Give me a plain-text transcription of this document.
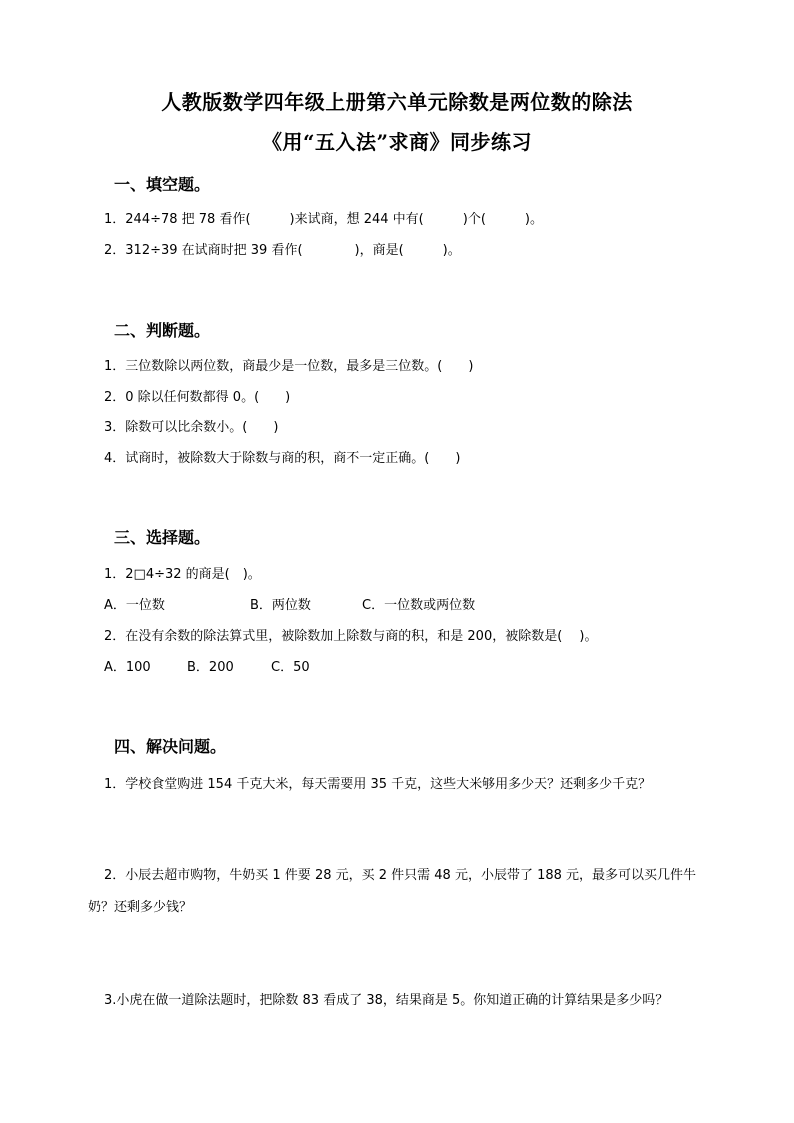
人教版数学四年级上册第六单元除数是两位数的除法
《用“五入法”求商》同步练习
一、填空题。
1．244÷78 把 78 看作(　　　)来试商，想 244 中有(　　　)个(　　　)。
2．312÷39 在试商时把 39 看作(　　　　)，商是(　　　)。
二、判断题。
1．三位数除以两位数，商最少是一位数，最多是三位数。(　　)
2．0 除以任何数都得 0。(　　)
3．除数可以比余数小。(　　)
4．试商时，被除数大于除数与商的积，商不一定正确。(　　)
三、选择题。
1．2□4÷32 的商是(　)。
A．一位数	B．两位数	C．一位数或两位数
2．在没有余数的除法算式里，被除数加上除数与商的积，和是 200，被除数是(　 )。
A．100	B．200	C．50
四、解决问题。
1．学校食堂购进 154 千克大米，每天需要用 35 千克，这些大米够用多少天？还剩多少千克？
2．小辰去超市购物，牛奶买 1 件要 28 元，买 2 件只需 48 元，小辰带了 188 元，最多可以买几件牛
奶？还剩多少钱？
3.小虎在做一道除法题时，把除数 83 看成了 38，结果商是 5。你知道正确的计算结果是多少吗？
